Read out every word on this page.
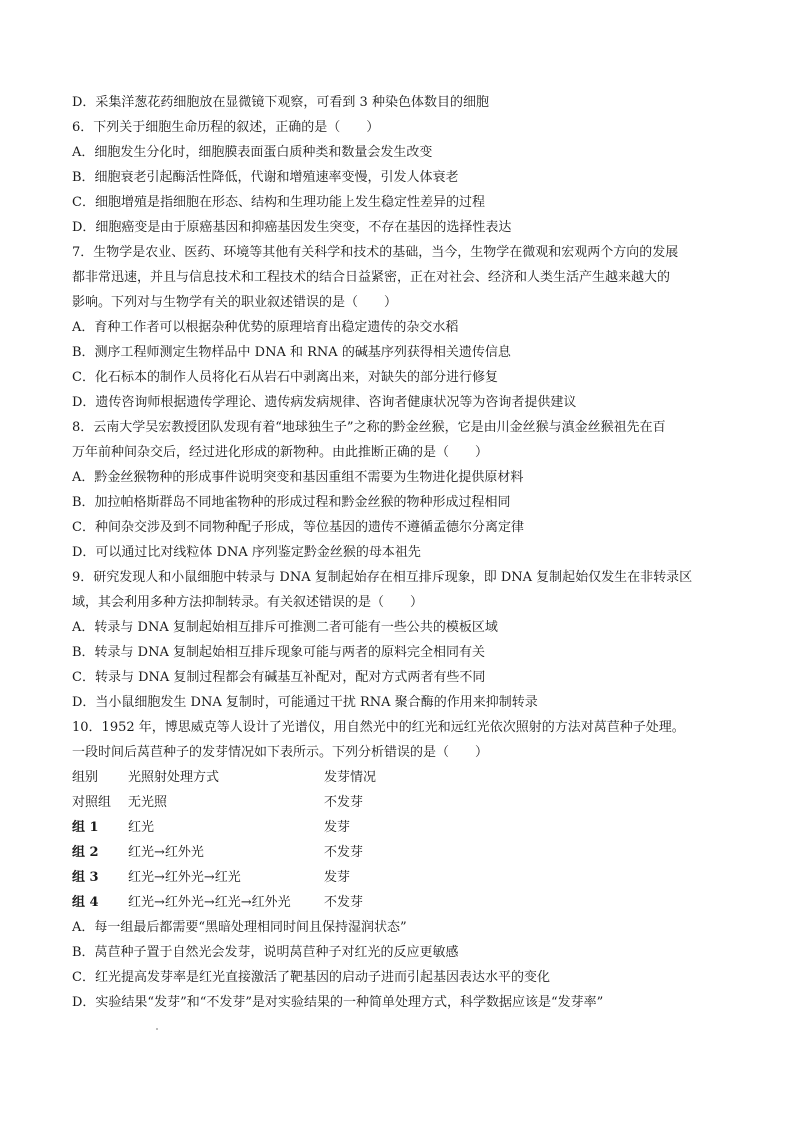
D．采集洋葱花药细胞放在显微镜下观察，可看到 3 种染色体数目的细胞
6．下列关于细胞生命历程的叙述，正确的是（　　）
A．细胞发生分化时，细胞膜表面蛋白质种类和数量会发生改变
B．细胞衰老引起酶活性降低，代谢和增殖速率变慢，引发人体衰老
C．细胞增殖是指细胞在形态、结构和生理功能上发生稳定性差异的过程
D．细胞癌变是由于原癌基因和抑癌基因发生突变，不存在基因的选择性表达
7．生物学是农业、医药、环境等其他有关科学和技术的基础，当今，生物学在微观和宏观两个方向的发展
都非常迅速，并且与信息技术和工程技术的结合日益紧密，正在对社会、经济和人类生活产生越来越大的
影响。下列对与生物学有关的职业叙述错误的是（　　）
A．育种工作者可以根据杂种优势的原理培育出稳定遗传的杂交水稻
B．测序工程师测定生物样品中 DNA 和 RNA 的碱基序列获得相关遗传信息
C．化石标本的制作人员将化石从岩石中剥离出来，对缺失的部分进行修复
D．遗传咨询师根据遗传学理论、遗传病发病规律、咨询者健康状况等为咨询者提供建议
8．云南大学吴宏教授团队发现有着“地球独生子”之称的黔金丝猴，它是由川金丝猴与滇金丝猴祖先在百
万年前种间杂交后，经过进化形成的新物种。由此推断正确的是（　　）
A．黔金丝猴物种的形成事件说明突变和基因重组不需要为生物进化提供原材料
B．加拉帕格斯群岛不同地雀物种的形成过程和黔金丝猴的物种形成过程相同
C．种间杂交涉及到不同物种配子形成，等位基因的遗传不遵循孟德尔分离定律
D．可以通过比对线粒体 DNA 序列鉴定黔金丝猴的母本祖先
9．研究发现人和小鼠细胞中转录与 DNA 复制起始存在相互排斥现象，即 DNA 复制起始仅发生在非转录区
域，其会利用多种方法抑制转录。有关叙述错误的是（　　）
A．转录与 DNA 复制起始相互排斥可推测二者可能有一些公共的模板区域
B．转录与 DNA 复制起始相互排斥现象可能与两者的原料完全相同有关
C．转录与 DNA 复制过程都会有碱基互补配对，配对方式两者有些不同
D．当小鼠细胞发生 DNA 复制时，可能通过干扰 RNA 聚合酶的作用来抑制转录
10．1952 年，博思威克等人设计了光谱仪，用自然光中的红光和远红光依次照射的方法对莴苣种子处理。
一段时间后莴苣种子的发芽情况如下表所示。下列分析错误的是（　　）
组别	光照射处理方式	发芽情况
对照组	无光照	不发芽
组 1	红光	发芽
组 2	红光→红外光	不发芽
组 3	红光→红外光→红光	发芽
组 4	红光→红外光→红光→红外光	不发芽
A．每一组最后都需要“黑暗处理相同时间且保持湿润状态”
B．莴苣种子置于自然光会发芽，说明莴苣种子对红光的反应更敏感
C．红光提高发芽率是红光直接激活了靶基因的启动子进而引起基因表达水平的变化
D．实验结果“发芽”和“不发芽”是对实验结果的一种简单处理方式，科学数据应该是“发芽率”
